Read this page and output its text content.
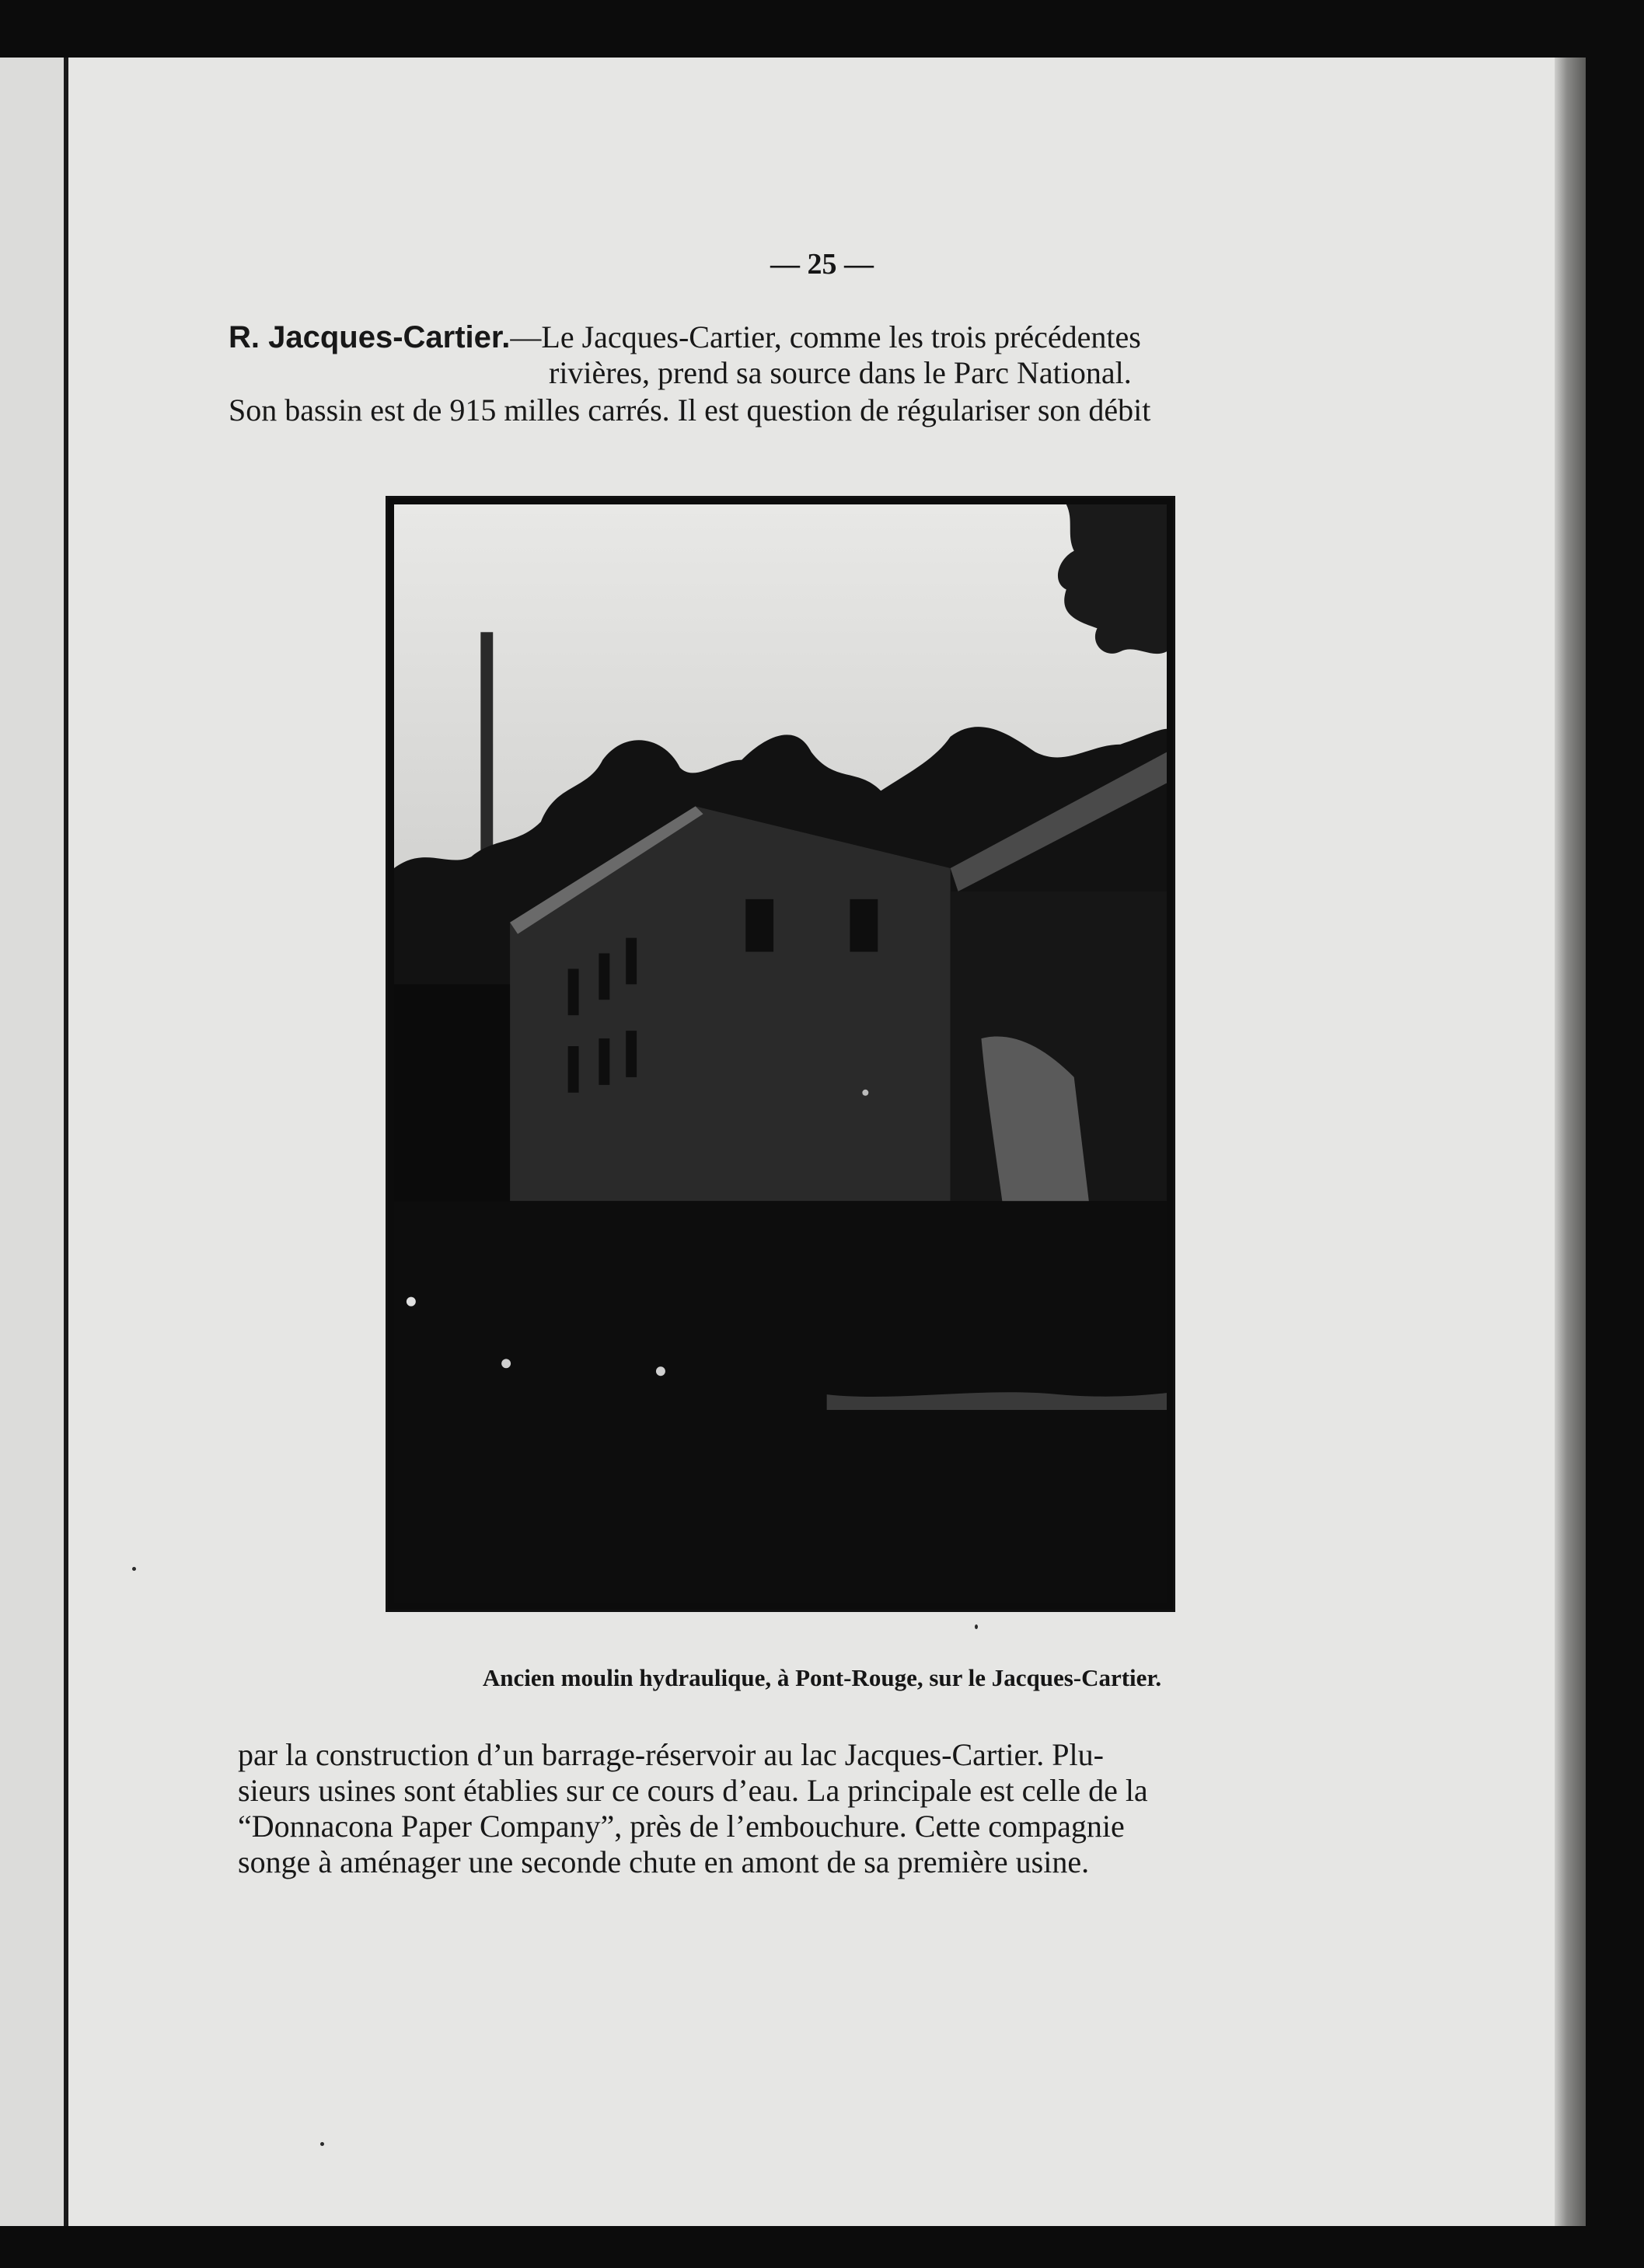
— 25 —
R. Jacques-Cartier.—Le Jacques-Cartier, comme les trois précédentes
rivières, prend sa source dans le Parc National.
Son bassin est de 915 milles carrés. Il est question de régulariser son débit
Ancien moulin hydraulique, à Pont-Rouge, sur le Jacques-Cartier.
par la construction d’un barrage-réservoir au lac Jacques-Cartier. Plu-
sieurs usines sont établies sur ce cours d’eau. La principale est celle de la
“Donnacona Paper Company”, près de l’embouchure. Cette compagnie
songe à aménager une seconde chute en amont de sa première usine.
